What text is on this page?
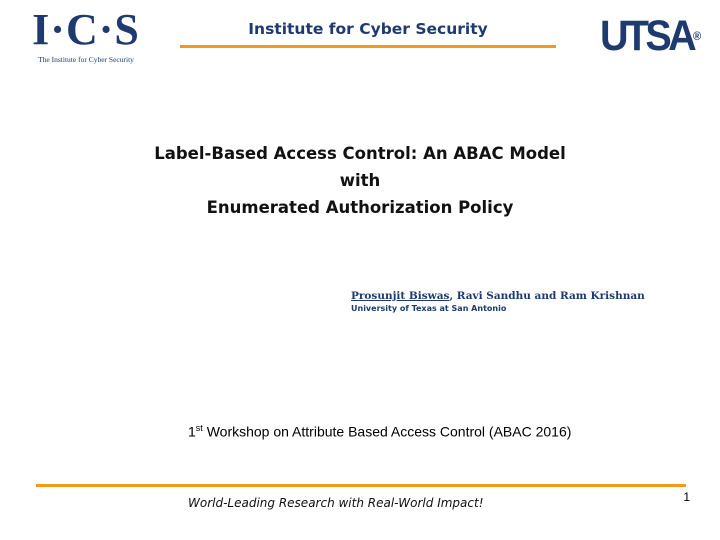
I·C·S
The Institute for Cyber Security
Institute for Cyber Security	UTSA®
Label-Based Access Control: An ABAC Model with
Enumerated Authorization Policy
Prosunjit Biswas, Ravi Sandhu and Ram Krishnan
University of Texas at San Antonio
1st Workshop on Attribute Based Access Control (ABAC 2016)
World-Leading Research with Real-World Impact!	1
